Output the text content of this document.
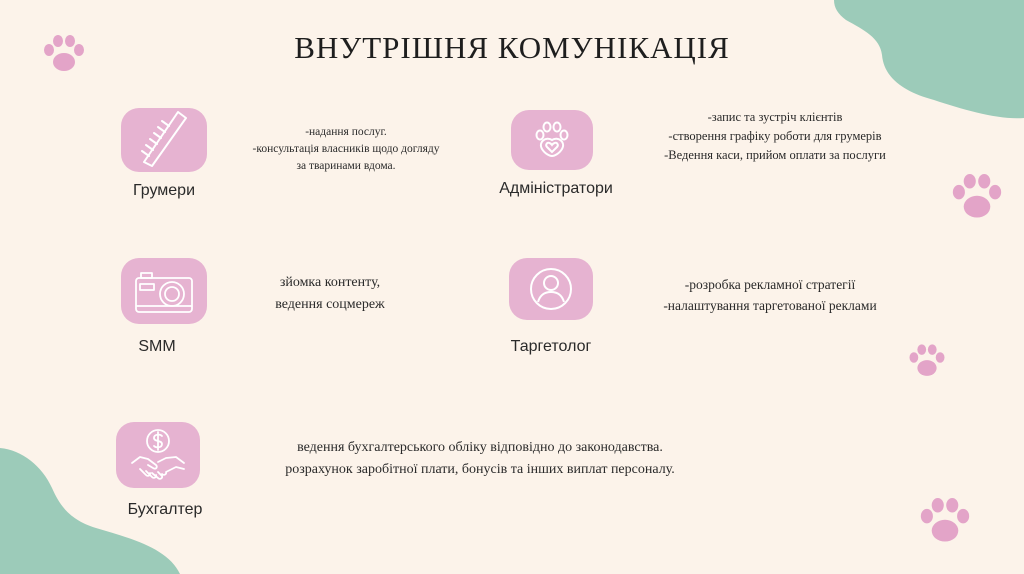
ВНУТРІШНЯ КОМУНІКАЦІЯ
Грумери
-надання послуг.
-консультація власників щодо догляду
за тваринами вдома.
Адміністратори
-запис та зустріч клієнтів
-створення графіку роботи для грумерів
-Ведення каси, прийом оплати за послуги
SMM
зйомка контенту,
ведення соцмереж
Таргетолог
-розробка рекламної стратегії
-налаштування таргетованої реклами
Бухгалтер
ведення бухгалтерського обліку відповідно до законодавства.
розрахунок заробітної плати, бонусів та інших виплат персоналу.
